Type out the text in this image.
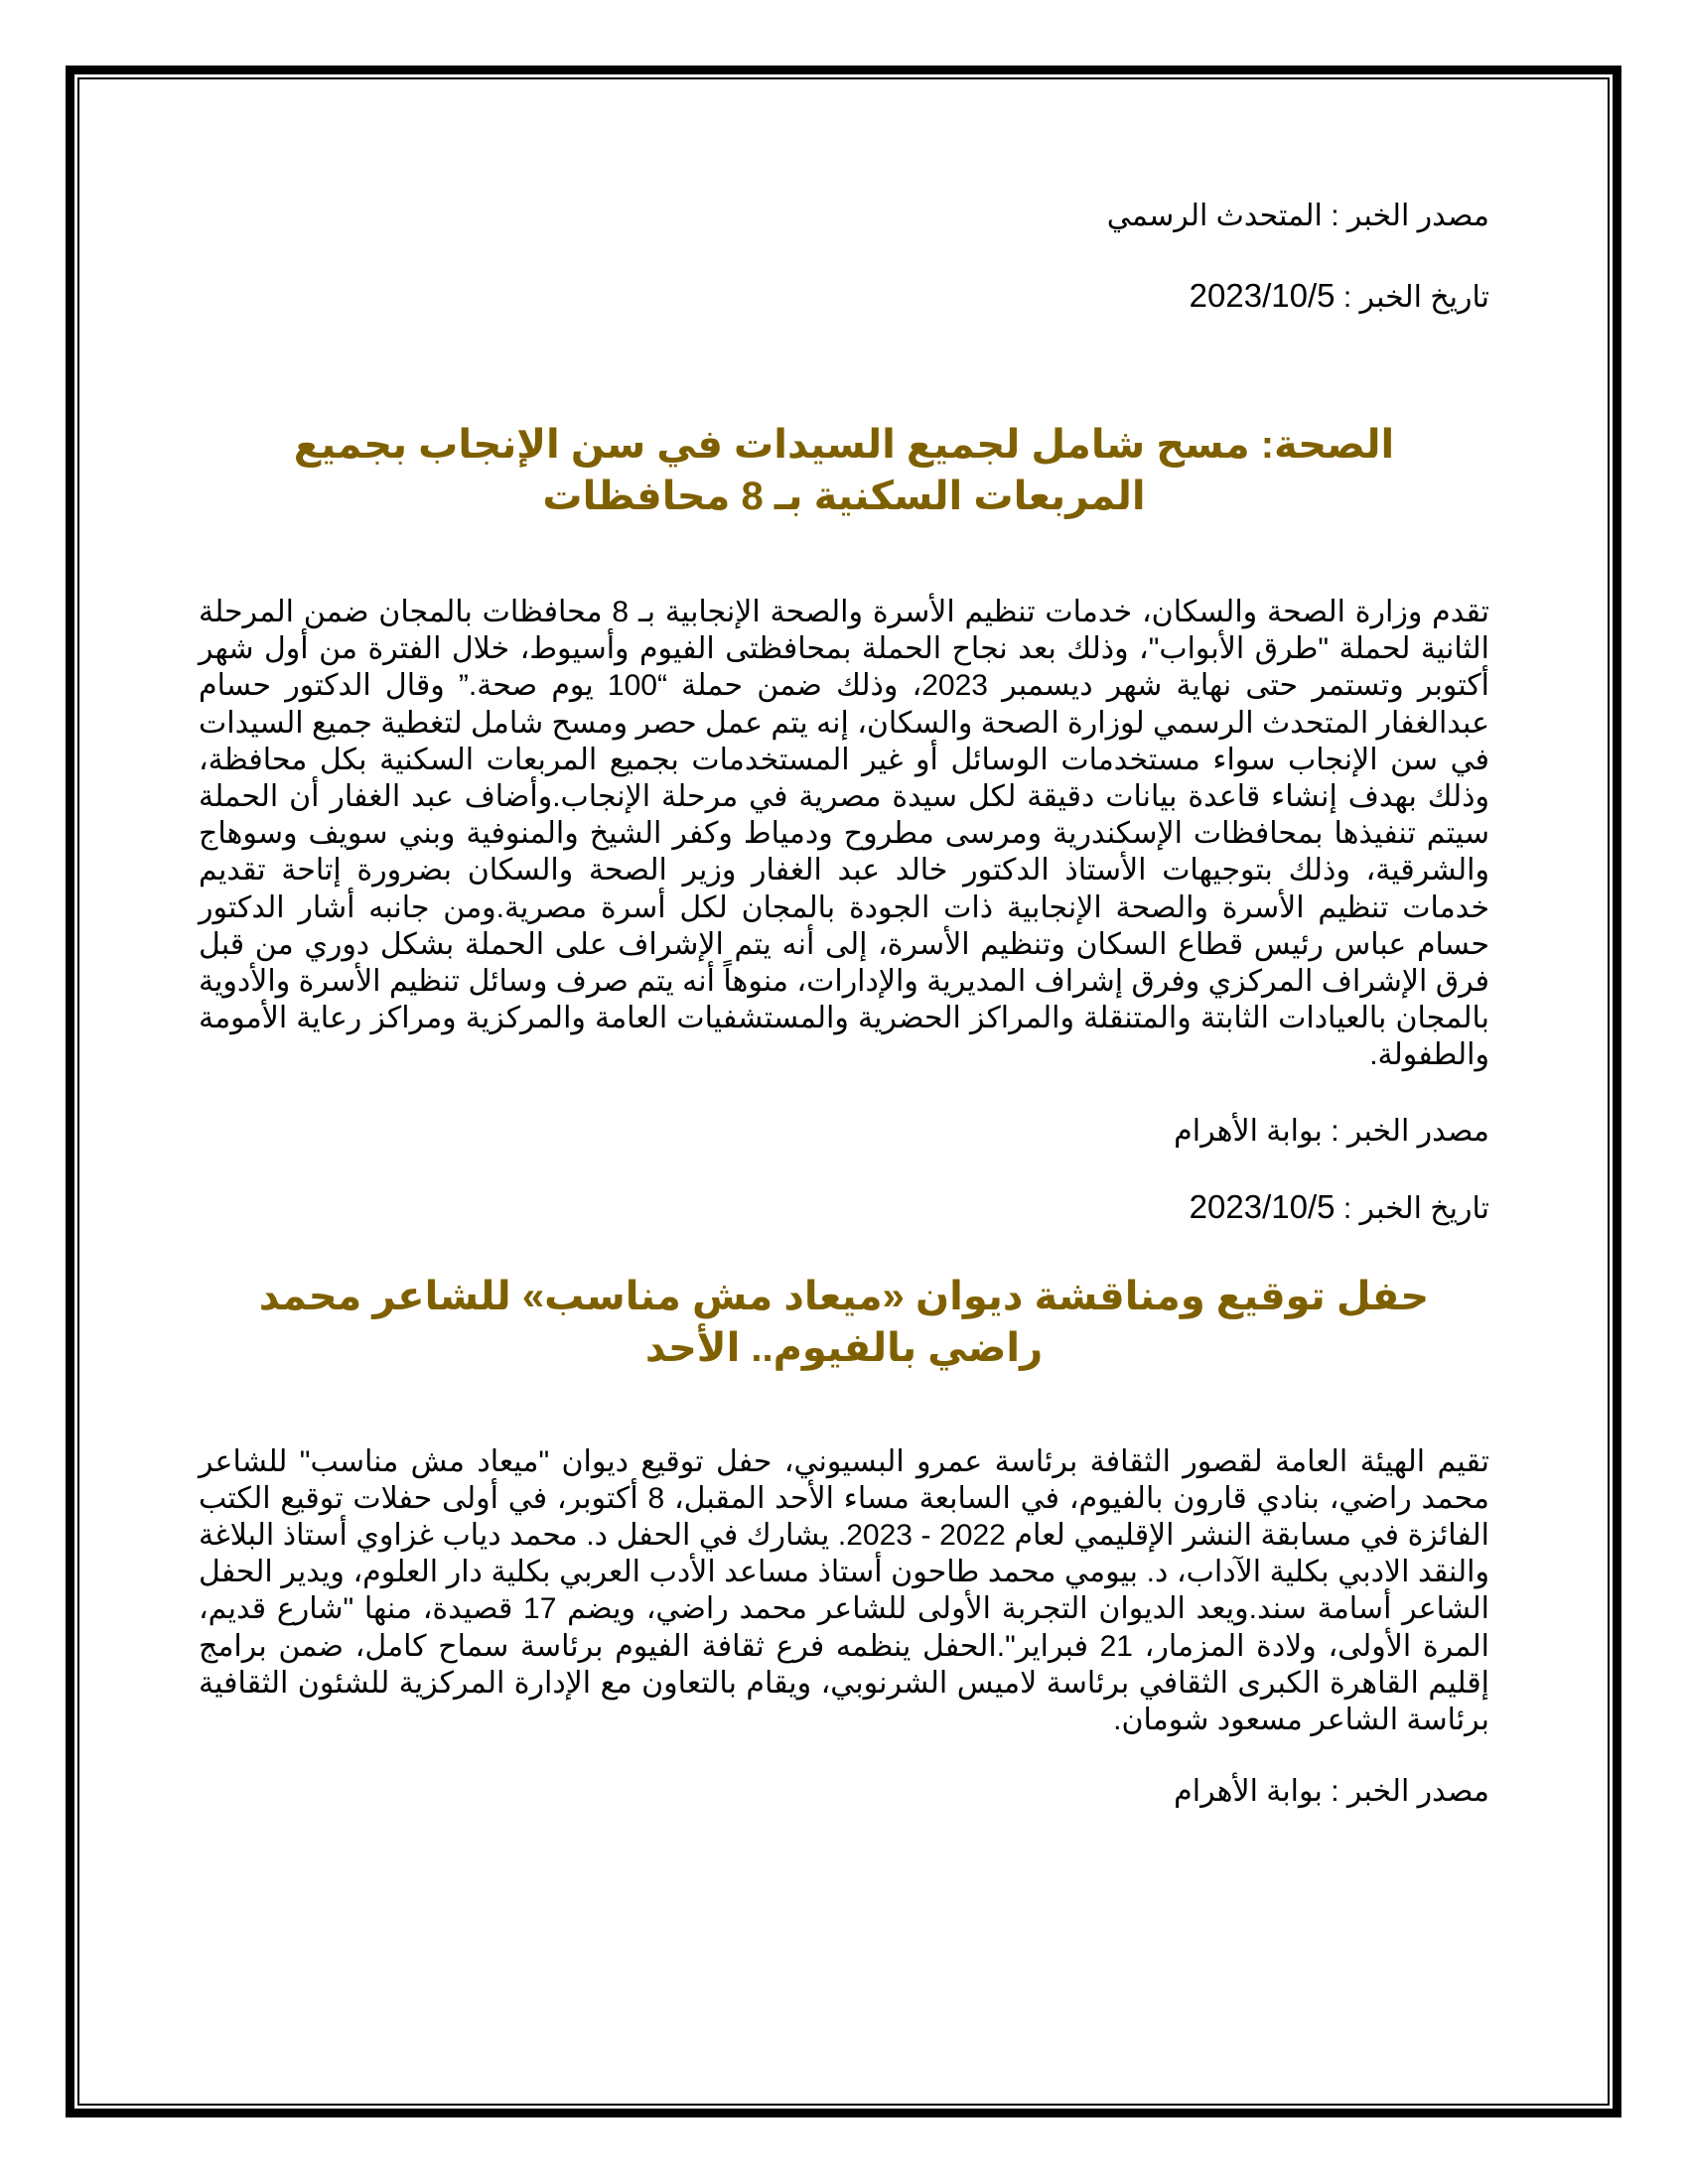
مصدر الخبر : المتحدث الرسمي

تاريخ الخبر : 2023/10/5

الصحة: مسح شامل لجميع السيدات في سن الإنجاب بجميع المربعات السكنية بـ 8 محافظات

تقدم وزارة الصحة والسكان، خدمات تنظيم الأسرة والصحة الإنجابية بـ 8 محافظات بالمجان ضمن المرحلة الثانية لحملة "طرق الأبواب"، وذلك بعد نجاح الحملة بمحافظتى الفيوم وأسيوط، خلال الفترة من أول شهر أكتوبر وتستمر حتى نهاية شهر ديسمبر 2023، وذلك ضمن حملة “100 يوم صحة.” وقال الدكتور حسام عبدالغفار المتحدث الرسمي لوزارة الصحة والسكان، إنه يتم عمل حصر ومسح شامل لتغطية جميع السيدات في سن الإنجاب سواء مستخدمات الوسائل أو غير المستخدمات بجميع المربعات السكنية بكل محافظة، وذلك بهدف إنشاء قاعدة بيانات دقيقة لكل سيدة مصرية في مرحلة الإنجاب.وأضاف عبد الغفار أن الحملة سيتم تنفيذها بمحافظات الإسكندرية ومرسى مطروح ودمياط وكفر الشيخ والمنوفية وبني سويف وسوهاج والشرقية، وذلك بتوجيهات الأستاذ الدكتور خالد عبد الغفار وزير الصحة والسكان بضرورة إتاحة تقديم خدمات تنظيم الأسرة والصحة الإنجابية ذات الجودة بالمجان لكل أسرة مصرية.ومن جانبه أشار الدكتور حسام عباس رئيس قطاع السكان وتنظيم الأسرة، إلى أنه يتم الإشراف على الحملة بشكل دوري من قبل فرق الإشراف المركزي وفرق إشراف المديرية والإدارات، منوهاً أنه يتم صرف وسائل تنظيم الأسرة والأدوية بالمجان بالعيادات الثابتة والمتنقلة والمراكز الحضرية والمستشفيات العامة والمركزية ومراكز رعاية الأمومة والطفولة.

مصدر الخبر : بوابة الأهرام

تاريخ الخبر : 2023/10/5

حفل توقيع ومناقشة ديوان «ميعاد مش مناسب» للشاعر محمد راضي بالفيوم.. الأحد

تقيم الهيئة العامة لقصور الثقافة برئاسة عمرو البسيوني، حفل توقيع ديوان "ميعاد مش مناسب" للشاعر محمد راضي، بنادي قارون بالفيوم، في السابعة مساء الأحد المقبل، 8 أكتوبر، في أولى حفلات توقيع الكتب الفائزة في مسابقة النشر الإقليمي لعام 2022 - 2023. يشارك في الحفل د. محمد دياب غزاوي أستاذ البلاغة والنقد الادبي بكلية الآداب، د. بيومي محمد طاحون أستاذ مساعد الأدب العربي بكلية دار العلوم، ويدير الحفل الشاعر أسامة سند.ويعد الديوان التجربة الأولى للشاعر محمد راضي، ويضم 17 قصيدة، منها "شارع قديم، المرة الأولى، ولادة المزمار، 21 فبراير".الحفل ينظمه فرع ثقافة الفيوم برئاسة سماح كامل، ضمن برامج إقليم القاهرة الكبرى الثقافي برئاسة لاميس الشرنوبي، ويقام بالتعاون مع الإدارة المركزية للشئون الثقافية برئاسة الشاعر مسعود شومان.

مصدر الخبر : بوابة الأهرام
